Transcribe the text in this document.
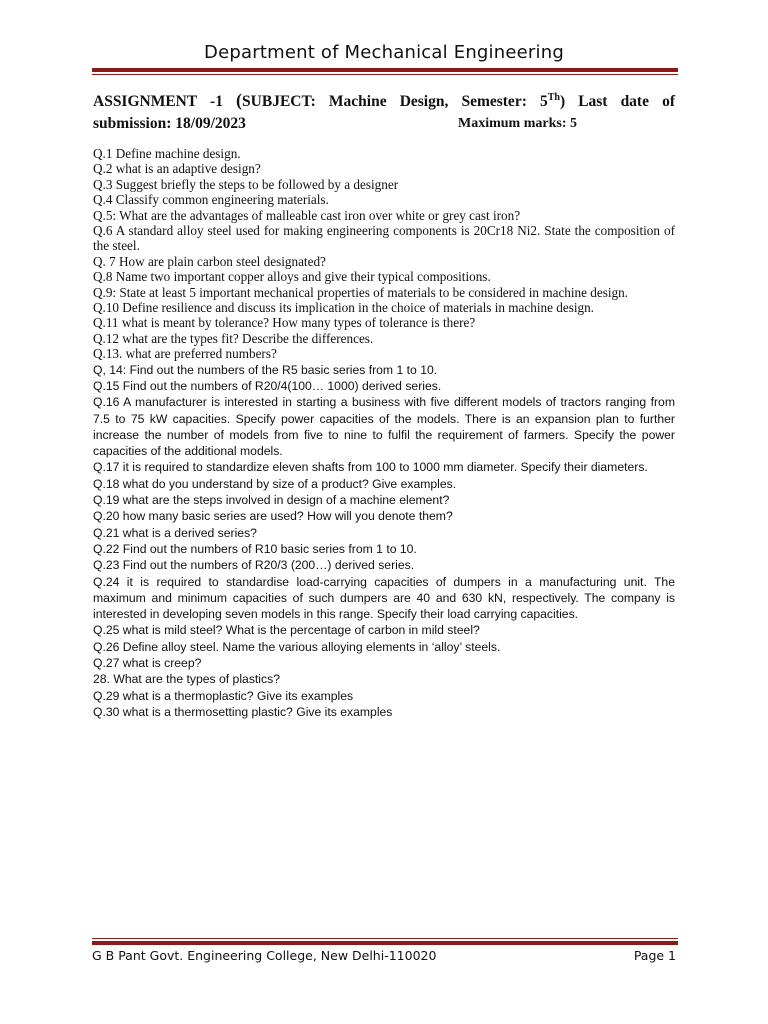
Department of Mechanical Engineering
ASSIGNMENT -1 (SUBJECT: Machine Design, Semester: 5Th) Last date of
submission: 18/09/2023	Maximum marks: 5

Q.1 Define machine design.

Q.2 what is an adaptive design?

Q.3 Suggest briefly the steps to be followed by a designer

Q.4 Classify common engineering materials.

Q.5: What are the advantages of malleable cast iron over white or grey cast iron?

Q.6 A standard alloy steel used for making engineering components is 20Cr18 Ni2. State the composition of the steel.

Q. 7 How are plain carbon steel designated?

Q.8 Name two important copper alloys and give their typical compositions.

Q.9: State at least 5 important mechanical properties of materials to be considered in machine design.

Q.10 Define resilience and discuss its implication in the choice of materials in machine design.

Q.11 what is meant by tolerance? How many types of tolerance is there?

Q.12 what are the types fit? Describe the differences.

Q.13. what are preferred numbers?

Q, 14: Find out the numbers of the R5 basic series from 1 to 10.

Q.15 Find out the numbers of R20/4(100… 1000) derived series.

Q.16 A manufacturer is interested in starting a business with five different models of tractors ranging from 7.5 to 75 kW capacities. Specify power capacities of the models. There is an expansion plan to further increase the number of models from five to nine to fulfil the requirement of farmers. Specify the power capacities of the additional models.

Q.17 it is required to standardize eleven shafts from 100 to 1000 mm diameter. Specify their diameters.

Q.18 what do you understand by size of a product? Give examples.

Q.19 what are the steps involved in design of a machine element?

Q.20 how many basic series are used? How will you denote them?

Q.21 what is a derived series?

Q.22 Find out the numbers of R10 basic series from 1 to 10.

Q.23 Find out the numbers of R20/3 (200…) derived series.

Q.24 it is required to standardise load-carrying capacities of dumpers in a manufacturing unit. The maximum and minimum capacities of such dumpers are 40 and 630 kN, respectively. The company is interested in developing seven models in this range. Specify their load carrying capacities.

Q.25 what is mild steel? What is the percentage of carbon in mild steel?

Q.26 Define alloy steel. Name the various alloying elements in ‘alloy’ steels.

Q.27 what is creep?

28. What are the types of plastics?

Q.29 what is a thermoplastic? Give its examples

Q.30 what is a thermosetting plastic? Give its examples

G B Pant Govt. Engineering College, New Delhi-110020	Page 1
